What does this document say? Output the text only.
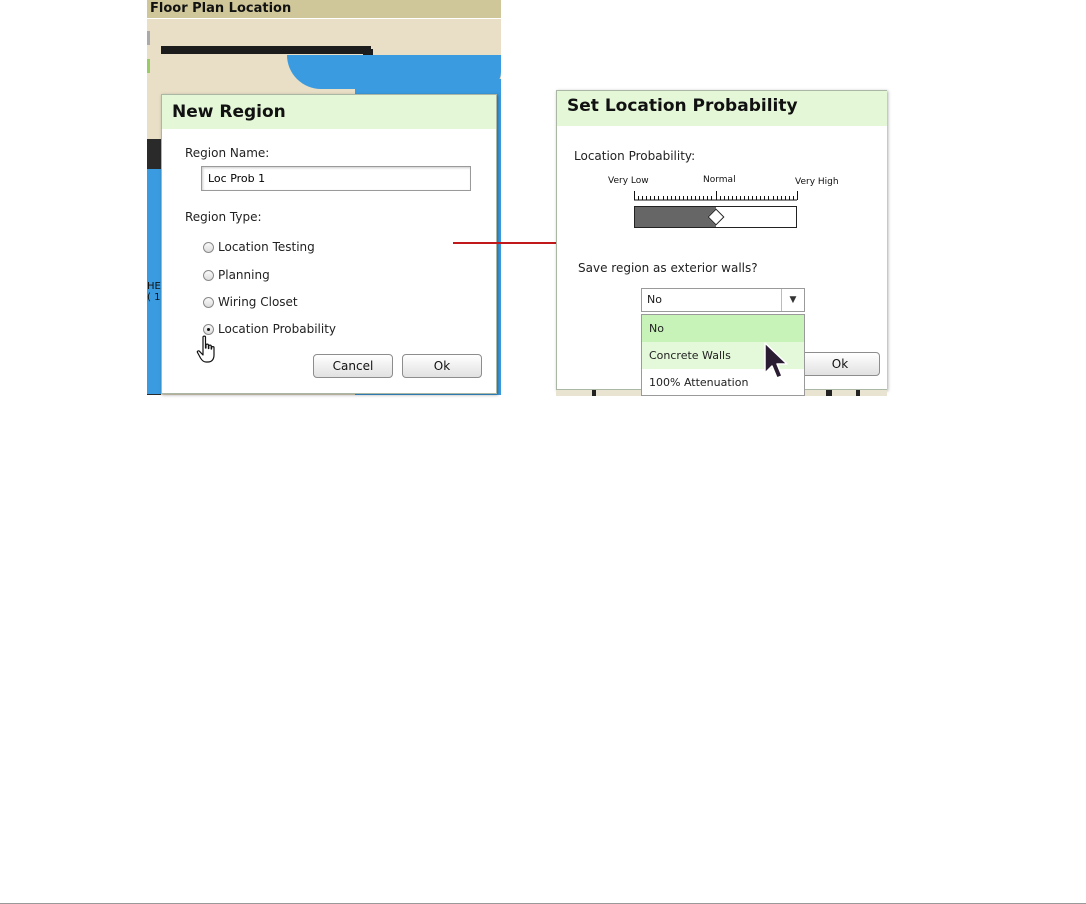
Floor Plan Location
HE
( 1
New Region
Region Name:
Loc Prob 1
Region Type:
Location Testing
Planning
Wiring Closet
Location Probability
Cancel	Ok
Set Location Probability
Location Probability:
Very Low	Normal	Very High
Save region as exterior walls?
No	▼
Ok
No
Concrete Walls
100% Attenuation
